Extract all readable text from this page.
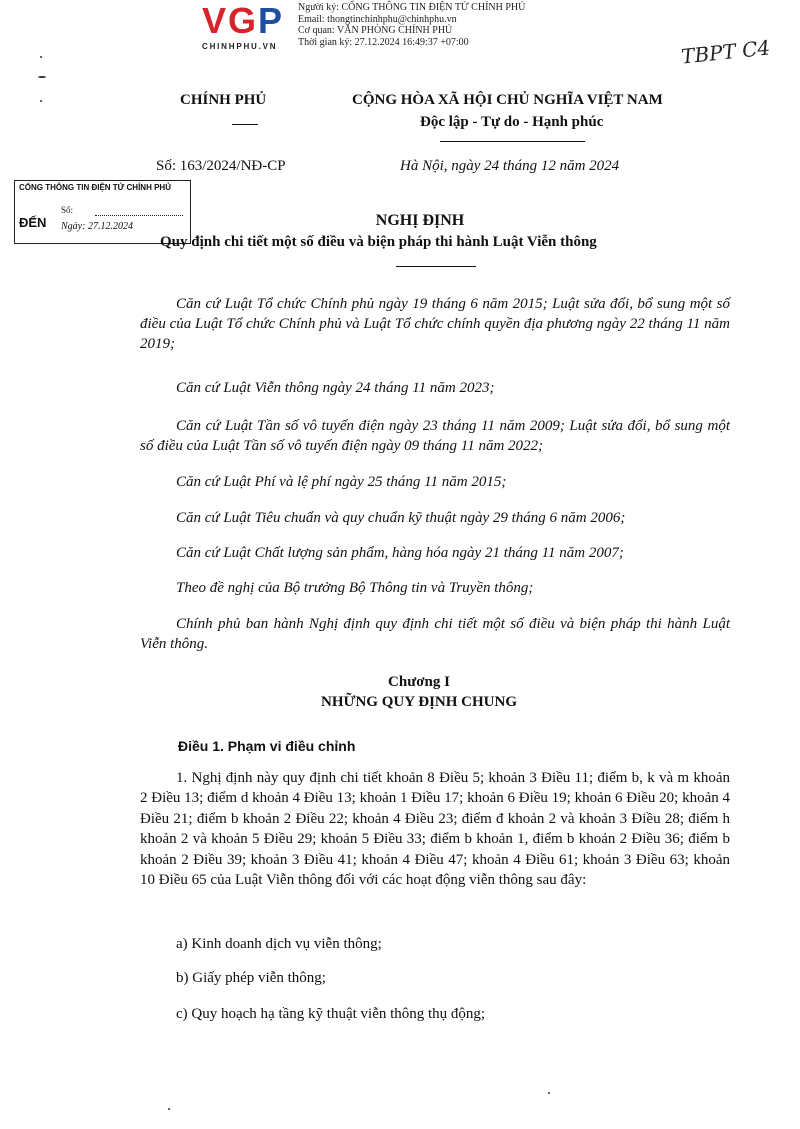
VGP
CHINHPHU.VN
Người ký: CỔNG THÔNG TIN ĐIỆN TỬ CHÍNH PHỦ
Email: thongtinchinhphu@chinhphu.vn
Cơ quan: VĂN PHÒNG CHÍNH PHỦ
Thời gian ký: 27.12.2024 16:49:37 +07:00	TBPT C4
CHÍNH PHỦ	CỘNG HÒA XÃ HỘI CHỦ NGHĨA VIỆT NAM
Độc lập - Tự do - Hạnh phúc
Số: 163/2024/NĐ-CP	Hà Nội, ngày 24 tháng 12 năm 2024
CỔNG THÔNG TIN ĐIỆN TỬ CHÍNH PHỦ
ĐẾN
Số:
Ngày: 27.12.2024	NGHỊ ĐỊNH
Quy định chi tiết một số điều và biện pháp thi hành Luật Viễn thông
Căn cứ Luật Tổ chức Chính phủ ngày 19 tháng 6 năm 2015; Luật sửa đổi, bổ sung một số điều của Luật Tổ chức Chính phủ và Luật Tổ chức chính quyền địa phương ngày 22 tháng 11 năm 2019;
Căn cứ Luật Viễn thông ngày 24 tháng 11 năm 2023;
Căn cứ Luật Tần số vô tuyến điện ngày 23 tháng 11 năm 2009; Luật sửa đổi, bổ sung một số điều của Luật Tần số vô tuyến điện ngày 09 tháng 11 năm 2022;
Căn cứ Luật Phí và lệ phí ngày 25 tháng 11 năm 2015;
Căn cứ Luật Tiêu chuẩn và quy chuẩn kỹ thuật ngày 29 tháng 6 năm 2006;
Căn cứ Luật Chất lượng sản phẩm, hàng hóa ngày 21 tháng 11 năm 2007;
Theo đề nghị của Bộ trưởng Bộ Thông tin và Truyền thông;
Chính phủ ban hành Nghị định quy định chi tiết một số điều và biện pháp thi hành Luật Viễn thông.
Chương I
NHỮNG QUY ĐỊNH CHUNG
Điều 1. Phạm vi điều chỉnh
1. Nghị định này quy định chi tiết khoản 8 Điều 5; khoản 3 Điều 11; điểm b, k và m khoản 2 Điều 13; điểm d khoản 4 Điều 13; khoản 1 Điều 17; khoản 6 Điều 19; khoản 6 Điều 20; khoản 4 Điều 21; điểm b khoản 2 Điều 22; khoản 4 Điều 23; điểm đ khoản 2 và khoản 3 Điều 28; điểm h khoản 2 và khoản 5 Điều 29; khoản 5 Điều 33; điểm b khoản 1, điểm b khoản 2 Điều 36; điểm b khoản 2 Điều 39; khoản 3 Điều 41; khoản 4 Điều 47; khoản 4 Điều 61; khoản 3 Điều 63; khoản 10 Điều 65 của Luật Viễn thông đối với các hoạt động viễn thông sau đây:
a) Kinh doanh dịch vụ viễn thông;
b) Giấy phép viễn thông;
c) Quy hoạch hạ tầng kỹ thuật viễn thông thụ động;
